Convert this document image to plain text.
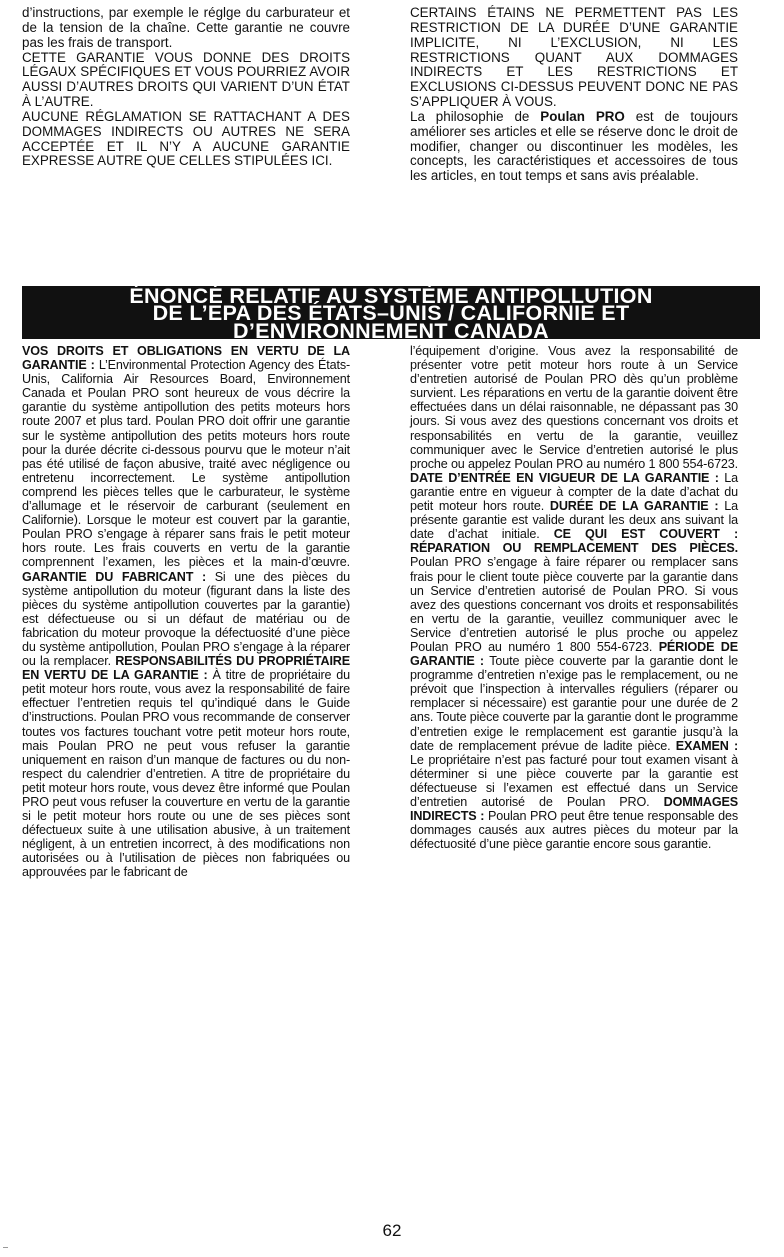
d’instructions, par exemple le réglge du carburateur et de la tension de la chaîne. Cette garantie ne couvre pas les frais de transport.

CETTE GARANTIE VOUS DONNE DES DROITS LÉGAUX SPÉCIFIQUES ET VOUS POURRIEZ AVOIR AUSSI D’AUTRES DROITS QUI VARIENT D’UN ÉTAT À L’AUTRE.

AUCUNE RÉGLAMATION SE RATTACHANT A DES DOMMAGES INDIRECTS OU AUTRES NE SERA ACCEPTÉE ET IL N’Y A AUCUNE GARANTIE EXPRESSE AUTRE QUE CELLES STIPULÉES ICI.

CERTAINS ÉTAINS NE PERMETTENT PAS LES RESTRICTION DE LA DURÉE D’UNE GARANTIE IMPLICITE, NI L’EXCLUSION, NI LES RESTRICTIONS QUANT AUX DOMMAGES INDIRECTS ET LES RESTRICTIONS ET EXCLUSIONS CI-DESSUS PEUVENT DONC NE PAS S’APPLIQUER À VOUS.

La philosophie de Poulan PRO est de toujours améliorer ses articles et elle se réserve donc le droit de modifier, changer ou discontinuer les modèles, les concepts, les caractéristiques et accessoires de tous les articles, en tout temps et sans avis préalable.

ÉNONCÉ RELATIF AU SYSTÈME ANTIPOLLUTION
DE L’EPA DES ÉTATS–UNIS / CALIFORNIE ET
D’ENVIRONNEMENT CANADA

VOS DROITS ET OBLIGATIONS EN VERTU DE LA GARANTIE : L’Environmental Protection Agency des États-Unis, California Air Resources Board, Environnement Canada et Poulan PRO sont heureux de vous décrire la garantie du système antipollution des petits moteurs hors route 2007 et plus tard. Poulan PRO doit offrir une garantie sur le système antipollution des petits moteurs hors route pour la durée décrite ci-dessous pourvu que le moteur n’ait pas été utilisé de façon abusive, traité avec négligence ou entretenu incorrectement. Le système antipollution comprend les pièces telles que le carburateur, le système d’allumage et le réservoir de carburant (seulement en Californie). Lorsque le moteur est couvert par la garantie, Poulan PRO s’engage à réparer sans frais le petit moteur hors route. Les frais couverts en vertu de la garantie comprennent l’examen, les pièces et la main-d’œuvre. GARANTIE DU FABRICANT : Si une des pièces du système antipollution du moteur (figurant dans la liste des pièces du système antipollution couvertes par la garantie) est défectueuse ou si un défaut de matériau ou de fabrication du moteur provoque la défectuosité d’une pièce du système antipollution, Poulan PRO s’engage à la réparer ou la remplacer. RESPONSABILITÉS DU PROPRIÉTAIRE EN VERTU DE LA GARANTIE : À titre de propriétaire du petit moteur hors route, vous avez la responsabilité de faire effectuer l’entretien requis tel qu’indiqué dans le Guide d’instructions. Poulan PRO vous recommande de conserver toutes vos factures touchant votre petit moteur hors route, mais Poulan PRO ne peut vous refuser la garantie uniquement en raison d’un manque de factures ou du non-respect du calendrier d’entretien. A titre de propriétaire du petit moteur hors route, vous devez être informé que Poulan PRO peut vous refuser la couverture en vertu de la garantie si le petit moteur hors route ou une de ses pièces sont défectueux suite à une utilisation abusive, à un traitement négligent, à un entretien incorrect, à des modifications non autorisées ou à l’utilisation de pièces non fabriquées ou approuvées par le fabricant de

l’équipement d’origine. Vous avez la responsabilité de présenter votre petit moteur hors route à un Service d’entretien autorisé de Poulan PRO dès qu’un problème survient. Les réparations en vertu de la garantie doivent être effectuées dans un délai raisonnable, ne dépassant pas 30 jours. Si vous avez des questions concernant vos droits et responsabilités en vertu de la garantie, veuillez communiquer avec le Service d’entretien autorisé le plus proche ou appelez Poulan PRO au numéro 1 800 554-6723. DATE D’ENTRÉE EN VIGUEUR DE LA GARANTIE : La garantie entre en vigueur à compter de la date d’achat du petit moteur hors route. DURÉE DE LA GARANTIE : La présente garantie est valide durant les deux ans suivant la date d’achat initiale. CE QUI EST COUVERT : RÉPARATION OU REMPLACEMENT DES PIÈCES. Poulan PRO s’engage à faire réparer ou remplacer sans frais pour le client toute pièce couverte par la garantie dans un Service d’entretien autorisé de Poulan PRO. Si vous avez des questions concernant vos droits et responsabilités en vertu de la garantie, veuillez communiquer avec le Service d’entretien autorisé le plus proche ou appelez Poulan PRO au numéro 1 800 554-6723. PÉRIODE DE GARANTIE : Toute pièce couverte par la garantie dont le programme d’entretien n’exige pas le remplacement, ou ne prévoit que l’inspection à intervalles réguliers (réparer ou remplacer si nécessaire) est garantie pour une durée de 2 ans. Toute pièce couverte par la garantie dont le programme d’entretien exige le remplacement est garantie jusqu’à la date de remplacement prévue de ladite pièce. EXAMEN : Le propriétaire n’est pas facturé pour tout examen visant à déterminer si une pièce couverte par la garantie est défectueuse si l’examen est effectué dans un Service d’entretien autorisé de Poulan PRO. DOMMAGES INDIRECTS : Poulan PRO peut être tenue responsable des dommages causés aux autres pièces du moteur par la défectuosité d’une pièce garantie encore sous garantie.

62
